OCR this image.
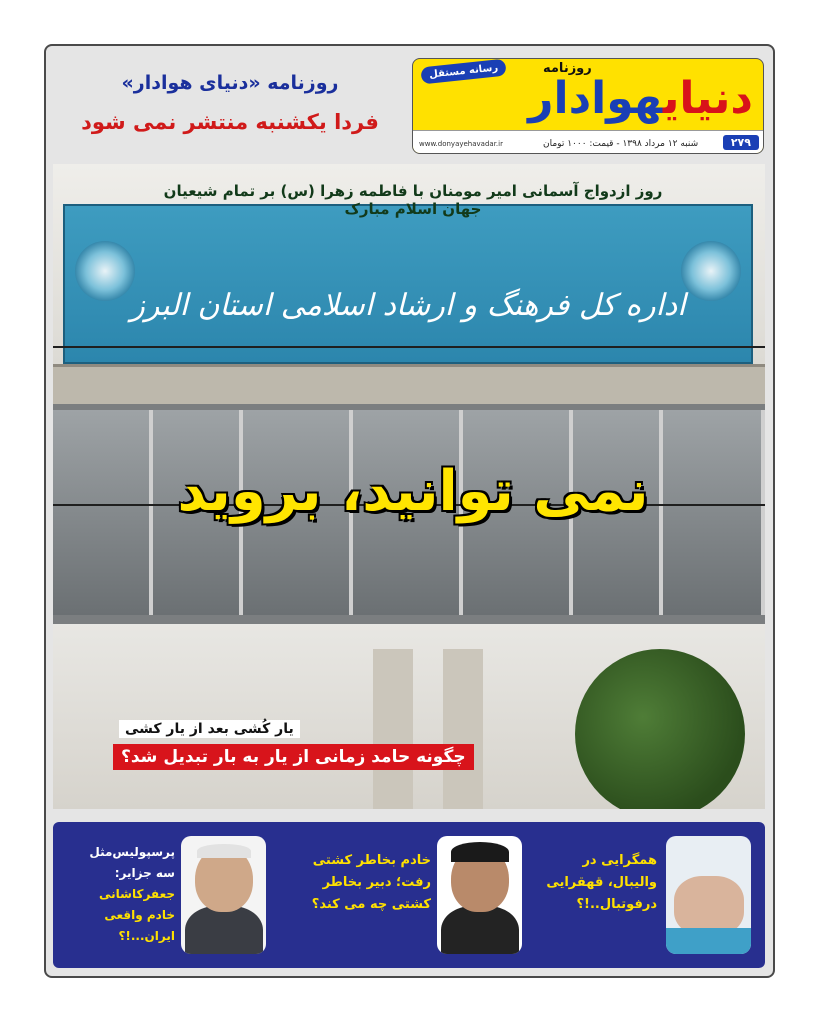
رسانه مستقل	روزنامه
دنیایهوادار
۲۷۹
شنبه ۱۲ مرداد ۱۳۹۸ - قیمت: ۱۰۰۰ تومان
www.donyayehavadar.ir
روزنامه «دنیای هوادار»
فردا یکشنبه منتشر نمی شود
اداره کل فرهنگ و ارشاد اسلامی استان البرز
روز ازدواج آسمانی امیر مومنان با فاطمه زهرا (س) بر تمام شیعیان جهان اسلام مبارک
نمی توانید، بروید
یار کُشی بعد از یار کشی
چگونه حامد زمانی از یار به بار تبدیل شد؟
همگرایی در
والیبال، قهقرایی
درفوتبال..!؟
خادم بخاطر کشتی
رفت؛ دبیر بخاطر
کشتی چه می کند؟
پرسپولیس‌مثل
سه جزایر:
جعفرکاشانی
خادم واقعی
ایران...!؟
